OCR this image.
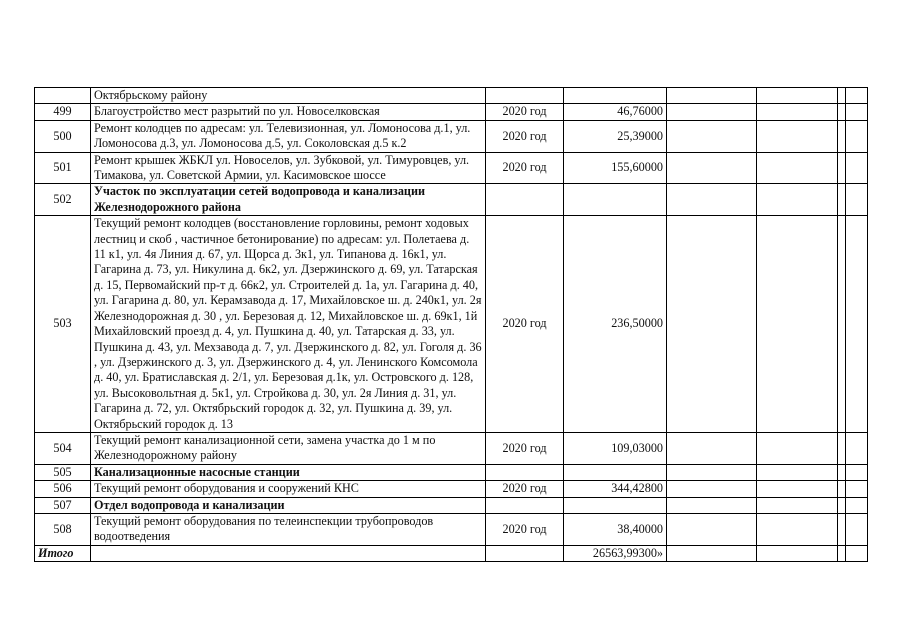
	Октябрьскому району						
499	Благоустройство мест разрытий по ул. Новоселковская	2020 год	46,76000				
500	Ремонт колодцев по адресам: ул. Телевизионная, ул. Ломоносова д.1, ул. Ломоносова д.3, ул. Ломоносова д.5, ул. Соколовская д.5 к.2	2020 год	25,39000				
501	Ремонт крышек ЖБКЛ ул. Новоселов, ул. Зубковой, ул. Тимуровцев, ул. Тимакова, ул. Советской Армии, ул. Касимовское шоссе	2020 год	155,60000				
502	Участок по эксплуатации сетей водопровода и канализации Железнодорожного района						
503	Текущий ремонт колодцев (восстановление горловины, ремонт ходовых лестниц и скоб , частичное бетонирование) по адресам: ул. Полетаева д. 11 к1, ул. 4я Линия д. 67, ул. Щорса д. 3к1, ул. Типанова д. 16к1, ул. Гагарина д. 73, ул. Никулина д. 6к2, ул. Дзержинского д. 69, ул. Татарская д. 15, Первомайский пр-т д. 66к2, ул. Строителей д. 1а, ул. Гагарина д. 40, ул. Гагарина д. 80, ул. Керамзавода д. 17, Михайловское ш. д. 240к1, ул. 2я Железнодорожная д. 30 , ул. Березовая д. 12, Михайловское ш. д. 69к1, 1й Михайловский проезд д. 4, ул. Пушкина д. 40, ул. Татарская д. 33, ул. Пушкина д. 43, ул. Мехзавода д. 7, ул. Дзержинского д. 82, ул. Гоголя д. 36 , ул. Дзержинского д. 3, ул. Дзержинского д. 4, ул. Ленинского Комсомола д. 40, ул. Братиславская д. 2/1, ул. Березовая д.1к, ул. Островского д. 128, ул. Высоковольтная д. 5к1, ул. Стройкова д. 30, ул. 2я Линия д. 31, ул. Гагарина д. 72, ул. Октябрьский городок д. 32, ул. Пушкина д. 39, ул. Октябрьский городок д. 13	2020 год	236,50000				
504	Текущий ремонт канализационной сети, замена участка до 1 м по Железнодорожному району	2020 год	109,03000				
505	Канализационные насосные станции						
506	Текущий ремонт оборудования и сооружений КНС	2020 год	344,42800				
507	Отдел водопровода и канализации						
508	Текущий ремонт оборудования по телеинспекции трубопроводов водоотведения	2020 год	38,40000				
Итого			26563,99300»				
